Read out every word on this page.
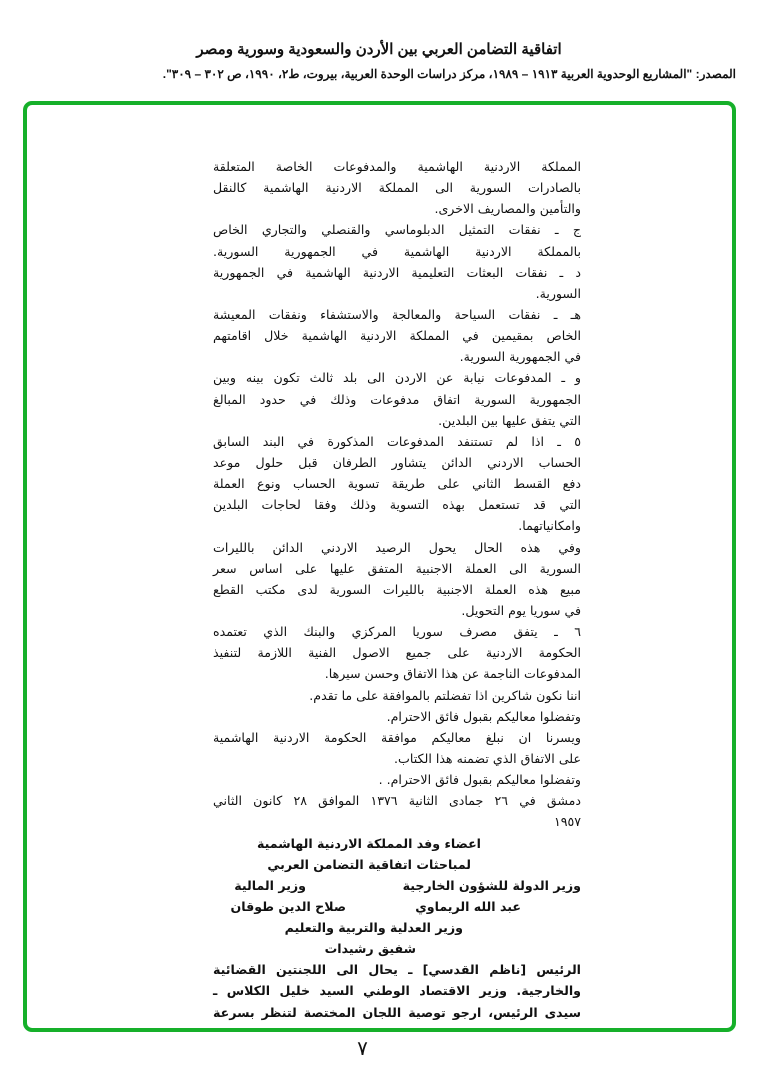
اتفاقية التضامن العربي بين الأردن والسعودية وسورية ومصر
المصدر: "المشاريع الوحدوية العربية ١٩١٣ – ١٩٨٩، مركز دراسات الوحدة العربية، بيروت، ط٢، ١٩٩٠، ص ٣٠٢ – ٣٠٩".
المملكة الاردنية الهاشمية والمدفوعات الخاصة المتعلقة
بالصادرات السورية الى المملكة الاردنية الهاشمية كالنقل
والتأمين والمصاريف الاخرى.
ج ـ نفقات التمثيل الدبلوماسي والقنصلي والتجاري الخاص
بالمملكة الاردنية الهاشمية في الجمهورية السورية.
د ـ نفقات البعثات التعليمية الاردنية الهاشمية في الجمهورية
السورية.
هـ ـ نفقات السياحة والمعالجة والاستشفاء ونفقات المعيشة
الخاص بمقيمين في المملكة الاردنية الهاشمية خلال اقامتهم
في الجمهورية السورية.
و ـ المدفوعات نيابة عن الاردن الى بلد ثالث تكون بينه وبين
الجمهورية السورية اتفاق مدفوعات وذلك في حدود المبالغ
التي يتفق عليها بين البلدين.
٥ ـ اذا لم تستنفد المدفوعات المذكورة في البند السابق
الحساب الاردني الدائن يتشاور الطرفان قبل حلول موعد
دفع القسط الثاني على طريقة تسوية الحساب ونوع العملة
التي قد تستعمل بهذه التسوية وذلك وفقا لحاجات البلدين
وامكانياتهما.
وفي هذه الحال يحول الرصيد الاردني الدائن بالليرات
السورية الى العملة الاجنبية المتفق عليها على اساس سعر
مبيع هذه العملة الاجنبية بالليرات السورية لدى مكتب القطع
في سوريا يوم التحويل.
٦ ـ يتفق مصرف سوريا المركزي والبنك الذي تعتمده
الحكومة الاردنية على جميع الاصول الفنية اللازمة لتنفيذ
المدفوعات الناجمة عن هذا الاتفاق وحسن سيرها.
اننا نكون شاكرين اذا تفضلتم بالموافقة على ما تقدم.
وتفضلوا معاليكم بقبول فائق الاحترام.
ويسرنا ان نبلغ معاليكم موافقة الحكومة الاردنية الهاشمية
على الاتفاق الذي تضمنه هذا الكتاب.
وتفضلوا معاليكم بقبول فائق الاحترام. .
دمشق في ٢٦ جمادى الثانية ١٣٧٦ الموافق ٢٨ كانون الثاني
١٩٥٧
اعضاء وفد المملكة الاردنية الهاشمية
لمباحثات اتفاقية التضامن العربي
وزير الدولة للشؤون الخارجية
وزير المالية
عبد الله الريماوي
صلاح الدين طوقان
وزير العدلية والتربية والتعليم
شفيق رشيدات
الرئيس [ناظم القدسي] ـ يحال الى اللجنتين القضائية
والخارجية. وزير الاقتصاد الوطني السيد خليل الكلاس ـ
سيدى الرئيس، ارجو توصية اللجان المختصة لتنظر بسرعة
٧
